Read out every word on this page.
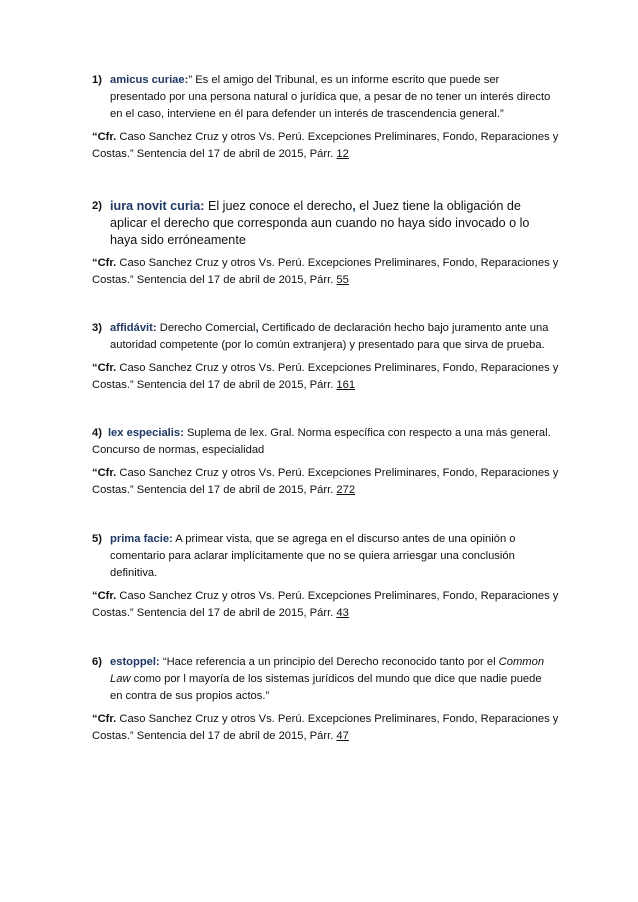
1) amicus curiae:” Es el amigo del Tribunal, es un informe escrito que puede ser presentado por una persona natural o jurídica que, a pesar de no tener un interés directo en el caso, interviene en él para defender un interés de trascendencia general.”
“Cfr. Caso Sanchez Cruz y otros Vs. Perú. Excepciones Preliminares, Fondo, Reparaciones y Costas.” Sentencia del 17 de abril de 2015, Párr. 12
2) iura novit curia: El juez conoce el derecho, el Juez tiene la obligación de aplicar el derecho que corresponda aun cuando no haya sido invocado o lo haya sido erróneamente
“Cfr. Caso Sanchez Cruz y otros Vs. Perú. Excepciones Preliminares, Fondo, Reparaciones y Costas.” Sentencia del 17 de abril de 2015, Párr. 55
3) affidávit: Derecho Comercial, Certificado de declaración hecho bajo juramento ante una autoridad competente (por lo común extranjera) y presentado para que sirva de prueba.
“Cfr. Caso Sanchez Cruz y otros Vs. Perú. Excepciones Preliminares, Fondo, Reparaciones y Costas.” Sentencia del 17 de abril de 2015, Párr. 161
4) lex especialis: Suplema de lex. Gral. Norma específica con respecto a una más general.
Concurso de normas, especialidad
“Cfr. Caso Sanchez Cruz y otros Vs. Perú. Excepciones Preliminares, Fondo, Reparaciones y Costas.” Sentencia del 17 de abril de 2015, Párr. 272
5) prima facie: A primear vista, que se agrega en el discurso antes de una opinión o comentario para aclarar implícitamente que no se quiera arriesgar una conclusión definitiva.
“Cfr. Caso Sanchez Cruz y otros Vs. Perú. Excepciones Preliminares, Fondo, Reparaciones y Costas.” Sentencia del 17 de abril de 2015, Párr. 43
6) estoppel: “Hace referencia a un principio del Derecho reconocido tanto por el Common Law como por l mayoría de los sistemas jurídicos del mundo que dice que nadie puede en contra de sus propios actos.”
“Cfr. Caso Sanchez Cruz y otros Vs. Perú. Excepciones Preliminares, Fondo, Reparaciones y Costas.” Sentencia del 17 de abril de 2015, Párr. 47
